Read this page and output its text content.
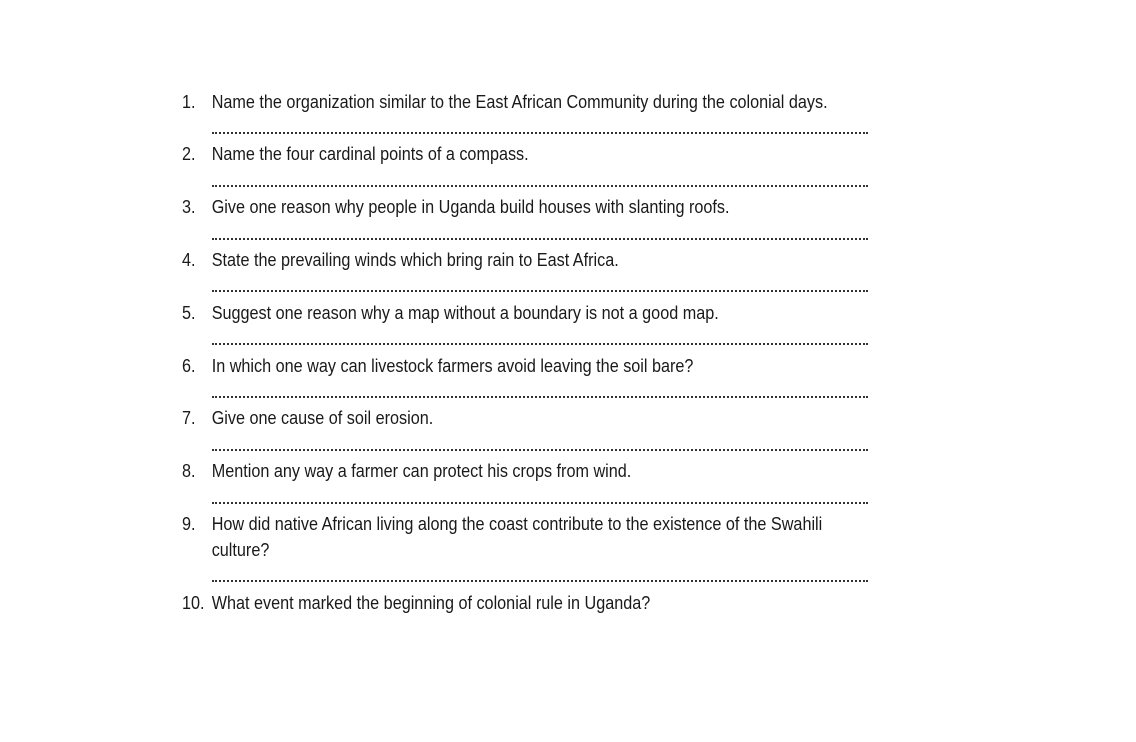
1. Name the organization similar to the East African Community during the colonial days.
2. Name the four cardinal points of a compass.
3. Give one reason why people in Uganda build houses with slanting roofs.
4. State the prevailing winds which bring rain to East Africa.
5. Suggest one reason why a map without a boundary is not a good map.
6. In which one way can livestock farmers avoid leaving the soil bare?
7. Give one cause of soil erosion.
8. Mention any way a farmer can protect his crops from wind.
9. How did native African living along the coast contribute to the existence of the Swahili
culture?
10. What event marked the beginning of colonial rule in Uganda?
